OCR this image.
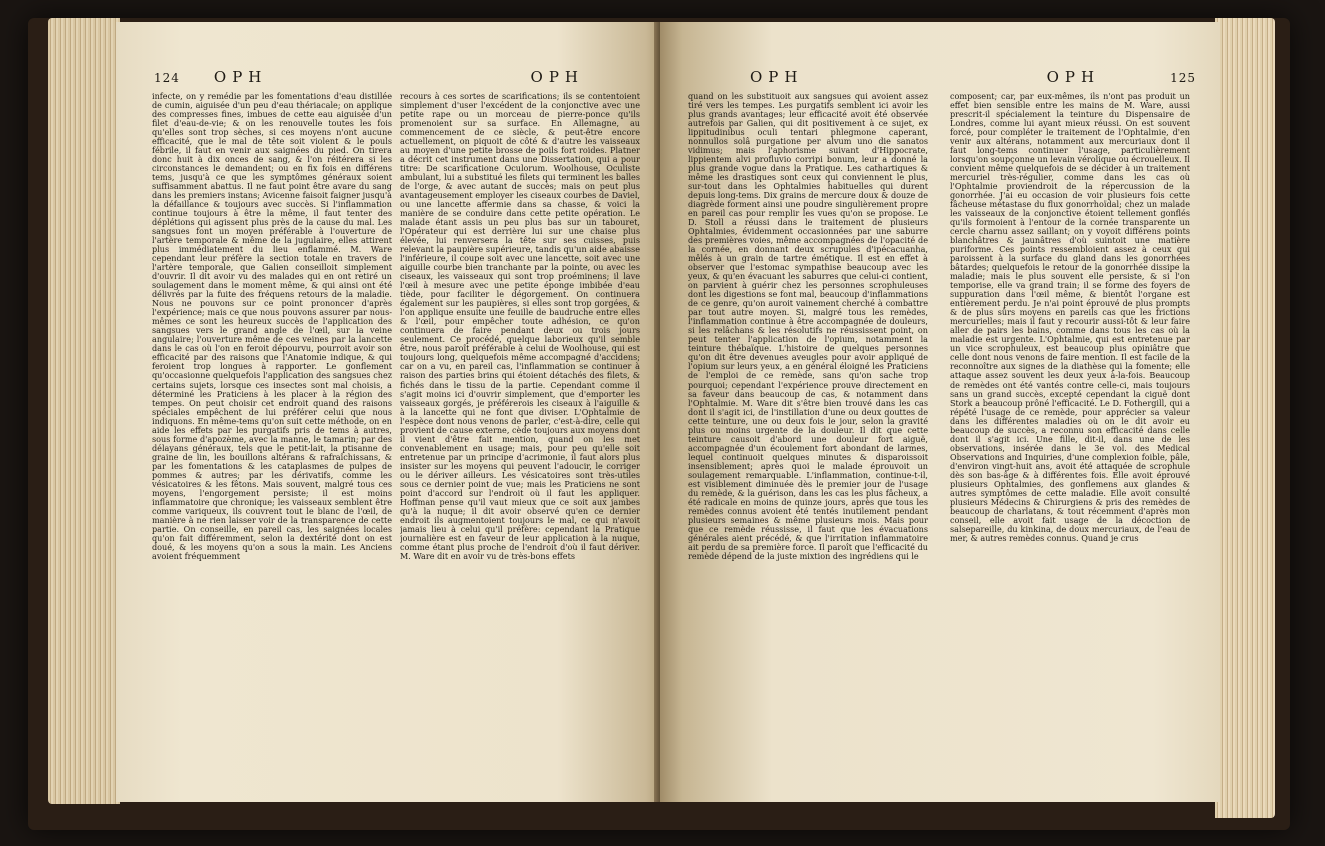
124 OPH	OPH
infecte, on y remédie par les fomentations d'eau distillée de cumin, aiguisée d'un peu d'eau thériacale; on applique des compresses fines, imbues de cette eau aiguisée d'un filet d'eau-de-vie; & on les renouvelle toutes les fois qu'elles sont trop sèches, si ces moyens n'ont aucune efficacité, que le mal de tête soit violent & le pouls fébrile, il faut en venir aux saignées du pied. On tirera donc huit à dix onces de sang, & l'on réitérera si les circonstances le demandent; ou en fix fois en différens tems, jusqu'à ce que les symptômes généraux soient suffisamment abattus. Il ne faut point être avare du sang dans les premiers instans; Avicenne faisoit faigner jusqu'à la défaillance & toujours avec succès. Si l'inflammation continue toujours à être la même, il faut tenter des déplétions qui agissent plus près de la cause du mal. Les sangsues font un moyen préférable à l'ouverture de l'artère temporale & même de la jugulaire, elles attirent plus immédiatement du lieu enflammé. M. Ware cependant leur préfère la section totale en travers de l'artère temporale, que Galien conseilloit simplement d'ouvrir. Il dit avoir vu des malades qui en ont retiré un soulagement dans le moment même, & qui ainsi ont été délivrés par la fuite des fréquens retours de la maladie. Nous ne pouvons sur ce point prononcer d'après l'expérience; mais ce que nous pouvons assurer par nous-mêmes ce sont les heureux succès de l'application des sangsues vers le grand angle de l'œil, sur la veine angulaire; l'ouverture même de ces veines par la lancette dans le cas où l'on en feroit dépourvu, pourroit avoir son efficacité par des raisons que l'Anatomie indique, & qui feroient trop longues à rapporter. Le gonflement qu'occasionne quelquefois l'application des sangsues chez certains sujets, lorsque ces insectes sont mal choisis, a déterminé les Praticiens à les placer à la région des tempes. On peut choisir cet endroit quand des raisons spéciales empêchent de lui préférer celui que nous indiquons. En même-tems qu'on suit cette méthode, on en aide les effets par les purgatifs pris de tems à autres, sous forme d'apozème, avec la manne, le tamarin; par des délayans généraux, tels que le petit-lait, la ptisanne de graine de lin, les bouillons altérans & rafraîchissans, & par les fomentations & les cataplasmes de pulpes de pommes & autres; par les dérivatifs, comme les vésicatoires & les fêtons. Mais souvent, malgré tous ces moyens, l'engorgement persiste; il est moins inflammatoire que chronique; les vaisseaux semblent être comme variqueux, ils couvrent tout le blanc de l'œil, de manière à ne rien laisser voir de la transparence de cette partie. On conseille, en pareil cas, les saignées locales qu'on fait différemment, selon la dextérité dont on est doué, & les moyens qu'on a sous la main. Les Anciens avoient fréquemment
recours à ces sortes de scarifications; ils se contentoient simplement d'user l'excédent de la conjonctive avec une petite rape ou un morceau de pierre-ponce qu'ils promenoient sur sa surface. En Allemagne, au commencement de ce siècle, & peut-être encore actuellement, on piquoit de côté & d'autre les vaisseaux au moyen d'une petite brosse de poils fort roides. Platner a décrit cet instrument dans une Dissertation, qui a pour titre: De scarificatione Oculorum. Woolhouse, Oculiste ambulant, lui a substitué les filets qui terminent les balles de l'orge, & avec autant de succès; mais on peut plus avantageusement employer les ciseaux courbes de Daviel, ou une lancette affermie dans sa chasse, & voici la manière de se conduire dans cette petite opération. Le malade étant assis un peu plus bas sur un tabouret, l'Opérateur qui est derrière lui sur une chaise plus élevée, lui renversera la tête sur ses cuisses, puis relevant la paupière supérieure, tandis qu'un aide abaisse l'inférieure, il coupe soit avec une lancette, soit avec une aiguille courbe bien tranchante par la pointe, ou avec les ciseaux, les vaisseaux qui sont trop proéminens; il lave l'œil à mesure avec une petite éponge imbibée d'eau tiède, pour faciliter le dégorgement. On continuera également sur les paupières, si elles sont trop gorgées, & l'on applique ensuite une feuille de baudruche entre elles & l'œil, pour empêcher toute adhésion, ce qu'on continuera de faire pendant deux ou trois jours seulement. Ce procédé, quelque laborieux qu'il semble être, nous paroît préférable à celui de Woolhouse, qui est toujours long, quelquefois même accompagné d'accidens; car on a vu, en pareil cas, l'inflammation se continuer à raison des parties brins qui étoient détachés des filets, & fichés dans le tissu de la partie. Cependant comme il s'agit moins ici d'ouvrir simplement, que d'emporter les vaisseaux gorgés, je préférerois les ciseaux à l'aiguille & à la lancette qui ne font que diviser. L'Ophtalmie de l'espèce dont nous venons de parler, c'est-à-dire, celle qui provient de cause externe, cède toujours aux moyens dont il vient d'être fait mention, quand on les met convenablement en usage; mais, pour peu qu'elle soit entretenue par un principe d'acrimonie, il faut alors plus insister sur les moyens qui peuvent l'adoucir, le corriger ou le dériver ailleurs. Les vésicatoires sont très-utiles sous ce dernier point de vue; mais les Praticiens ne sont point d'accord sur l'endroit où il faut les appliquer. Hoffman pense qu'il vaut mieux que ce soit aux jambes qu'à la nuque; il dit avoir observé qu'en ce dernier endroit ils augmentoient toujours le mal, ce qui n'avoit jamais lieu à celui qu'il préfère: cependant la Pratique journalière est en faveur de leur application à la nuque, comme étant plus proche de l'endroit d'où il faut dériver. M. Ware dit en avoir vu de très-bons effets
OPH	OPH	125
quand on les substituoit aux sangsues qui avoient assez tiré vers les tempes. Les purgatifs semblent ici avoir les plus grands avantages; leur efficacité avoit été observée autrefois par Galien, qui dit positivement à ce sujet, ex lippitudinibus oculi tentari phlegmone caperant, nonnullos solâ purgatione per alvum uno die sanatos vidimus; mais l'aphorisme suivant d'Hippocrate, lippientem alvi profluvio corripi bonum, leur a donné la plus grande vogue dans la Pratique. Les cathartiques & même les drastiques sont ceux qui conviennent le plus, sur-tout dans les Ophtalmies habituelles qui durent depuis long-tems. Dix grains de mercure doux & douze de diagrède forment ainsi une poudre singulièrement propre en pareil cas pour remplir les vues qu'on se propose. Le D. Stoll a réussi dans le traitement de plusieurs Ophtalmies, évidemment occasionnées par une saburre des premières voies, même accompagnées de l'opacité de la cornée, en donnant deux scrupules d'ipécacuanha, mêlés à un grain de tartre émétique. Il est en effet à observer que l'estomac sympathise beaucoup avec les yeux, & qu'en évacuant les saburres que celui-ci contient, on parvient à guérir chez les personnes scrophuleuses dont les digestions se font mal, beaucoup d'inflammations de ce genre, qu'on auroit vainement cherché à combattre par tout autre moyen. Si, malgré tous les remèdes, l'inflammation continue à être accompagnée de douleurs, si les relâchans & les résolutifs ne réussissent point, on peut tenter l'application de l'opium, notamment la teinture thébaïque. L'histoire de quelques personnes qu'on dit être devenues aveugles pour avoir appliqué de l'opium sur leurs yeux, a en général éloigné les Praticiens de l'emploi de ce remède, sans qu'on sache trop pourquoi; cependant l'expérience prouve directement en sa faveur dans beaucoup de cas, & notamment dans l'Ophtalmie. M. Ware dit s'être bien trouvé dans les cas dont il s'agit ici, de l'instillation d'une ou deux gouttes de cette teinture, une ou deux fois le jour, selon la gravité plus ou moins urgente de la douleur. Il dit que cette teinture causoit d'abord une douleur fort aiguë, accompagnée d'un écoulement fort abondant de larmes, lequel continuoit quelques minutes & disparoissoit insensiblement; après quoi le malade éprouvoit un soulagement remarquable. L'inflammation, continue-t-il, est visiblement diminuée dès le premier jour de l'usage du remède, & la guérison, dans les cas les plus fâcheux, a été radicale en moins de quinze jours, après que tous les remèdes connus avoient été tentés inutilement pendant plusieurs semaines & même plusieurs mois. Mais pour que ce remède réussisse, il faut que les évacuations générales aient précédé, & que l'irritation inflammatoire ait perdu de sa première force. Il paroît que l'efficacité du remède dépend de la juste mixtion des ingrédiens qui le
composent; car, par eux-mêmes, ils n'ont pas produit un effet bien sensible entre les mains de M. Ware, aussi prescrit-il spécialement la teinture du Dispensaire de Londres, comme lui ayant mieux réussi. On est souvent forcé, pour compléter le traitement de l'Ophtalmie, d'en venir aux altérans, notamment aux mercuriaux dont il faut long-tems continuer l'usage, particulièrement lorsqu'on soupçonne un levain vérolique ou écrouelleux. Il convient même quelquefois de se décider à un traitement mercuriel très-régulier, comme dans les cas où l'Ophtalmie proviendroit de la répercussion de la gonorrhée. J'ai eu occasion de voir plusieurs fois cette fâcheuse métastase du flux gonorrhoïdal; chez un malade les vaisseaux de la conjonctive étoient tellement gonflés qu'ils formoient à l'entour de la cornée transparente un cercle charnu assez saillant; on y voyoit différens points blanchâtres & jaunâtres d'où suintoit une matière puriforme. Ces points ressembloient assez à ceux qui paroissent à la surface du gland dans les gonorrhées bâtardes; quelquefois le retour de la gonorrhée dissipe la maladie; mais le plus souvent elle persiste, & si l'on temporise, elle va grand train; il se forme des foyers de suppuration dans l'œil même, & bientôt l'organe est entièrement perdu. Je n'ai point éprouvé de plus prompts & de plus sûrs moyens en pareils cas que les frictions mercurielles; mais il faut y recourir aussi-tôt & leur faire aller de pairs les bains, comme dans tous les cas où la maladie est urgente. L'Ophtalmie, qui est entretenue par un vice scrophuleux, est beaucoup plus opiniâtre que celle dont nous venons de faire mention. Il est facile de la reconnoître aux signes de la diathèse qui la fomente; elle attaque assez souvent les deux yeux à-la-fois. Beaucoup de remèdes ont été vantés contre celle-ci, mais toujours sans un grand succès, excepté cependant la ciguë dont Stork a beaucoup prôné l'efficacité. Le D. Fothergill, qui a répété l'usage de ce remède, pour apprécier sa valeur dans les différentes maladies où on le dit avoir eu beaucoup de succès, a reconnu son efficacité dans celle dont il s'agit ici. Une fille, dit-il, dans une de les observations, insérée dans le 3e vol. des Medical Observations and Inquiries, d'une complexion foible, pâle, d'environ vingt-huit ans, avoit été attaquée de scrophule dès son bas-âge & à différentes fois. Elle avoit éprouvé plusieurs Ophtalmies, des gonflemens aux glandes & autres symptômes de cette maladie. Elle avoit consulté plusieurs Médecins & Chirurgiens & pris des remèdes de beaucoup de charlatans, & tout récemment d'après mon conseil, elle avoit fait usage de la décoction de salsepareille, du kinkina, de doux mercuriaux, de l'eau de mer, & autres remèdes connus. Quand je crus
